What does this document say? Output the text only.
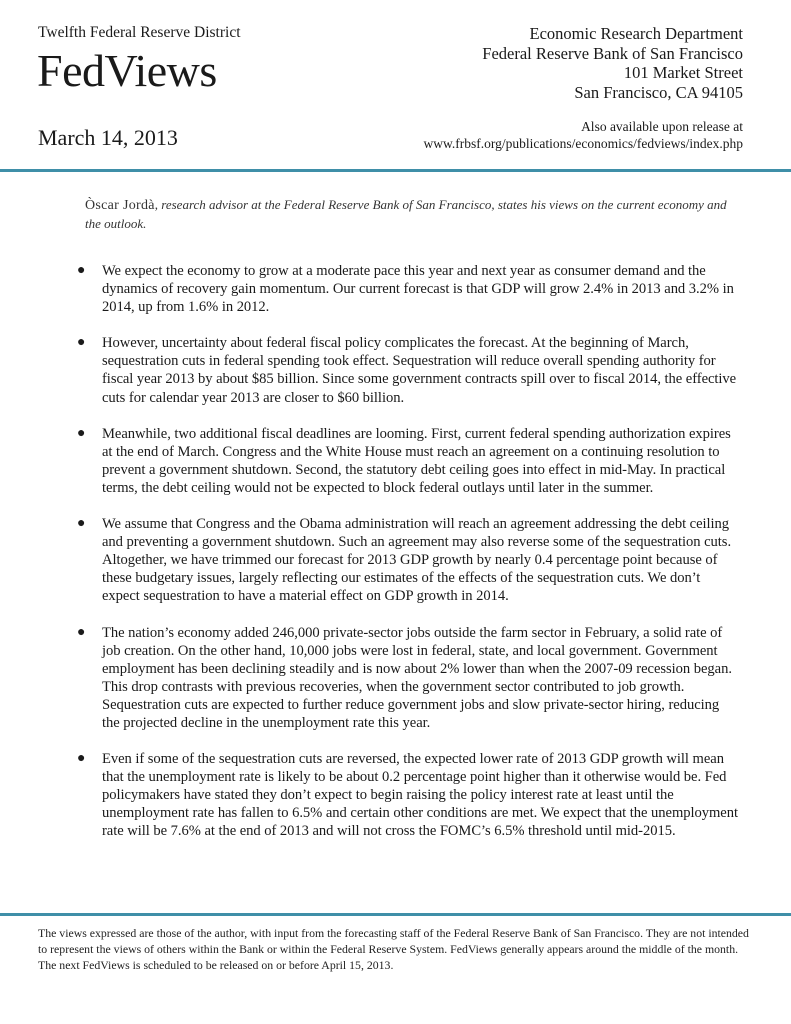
Twelfth Federal Reserve District
FedViews
March 14, 2013
Economic Research Department
Federal Reserve Bank of San Francisco
101 Market Street
San Francisco, CA 94105
Also available upon release at
www.frbsf.org/publications/economics/fedviews/index.php
Òscar Jordà, research advisor at the Federal Reserve Bank of San Francisco, states his views on the current economy and the outlook.
● We expect the economy to grow at a moderate pace this year and next year as consumer demand and the dynamics of recovery gain momentum. Our current forecast is that GDP will grow 2.4% in 2013 and 3.2% in 2014, up from 1.6% in 2012.
● However, uncertainty about federal fiscal policy complicates the forecast. At the beginning of March, sequestration cuts in federal spending took effect. Sequestration will reduce overall spending authority for fiscal year 2013 by about $85 billion. Since some government contracts spill over to fiscal 2014, the effective cuts for calendar year 2013 are closer to $60 billion.
● Meanwhile, two additional fiscal deadlines are looming. First, current federal spending authorization expires at the end of March. Congress and the White House must reach an agreement on a continuing resolution to prevent a government shutdown. Second, the statutory debt ceiling goes into effect in mid-May. In practical terms, the debt ceiling would not be expected to block federal outlays until later in the summer.
● We assume that Congress and the Obama administration will reach an agreement addressing the debt ceiling and preventing a government shutdown. Such an agreement may also reverse some of the sequestration cuts. Altogether, we have trimmed our forecast for 2013 GDP growth by nearly 0.4 percentage point because of these budgetary issues, largely reflecting our estimates of the effects of the sequestration cuts. We don’t expect sequestration to have a material effect on GDP growth in 2014.
● The nation’s economy added 246,000 private-sector jobs outside the farm sector in February, a solid rate of job creation. On the other hand, 10,000 jobs were lost in federal, state, and local government. Government employment has been declining steadily and is now about 2% lower than when the 2007-09 recession began. This drop contrasts with previous recoveries, when the government sector contributed to job growth. Sequestration cuts are expected to further reduce government jobs and slow private-sector hiring, reducing the projected decline in the unemployment rate this year.
● Even if some of the sequestration cuts are reversed, the expected lower rate of 2013 GDP growth will mean that the unemployment rate is likely to be about 0.2 percentage point higher than it otherwise would be. Fed policymakers have stated they don’t expect to begin raising the policy interest rate at least until the unemployment rate has fallen to 6.5% and certain other conditions are met. We expect that the unemployment rate will be 7.6% at the end of 2013 and will not cross the FOMC’s 6.5% threshold until mid-2015.
The views expressed are those of the author, with input from the forecasting staff of the Federal Reserve Bank of San Francisco. They are not intended to represent the views of others within the Bank or within the Federal Reserve System. FedViews generally appears around the middle of the month. The next FedViews is scheduled to be released on or before April 15, 2013.
